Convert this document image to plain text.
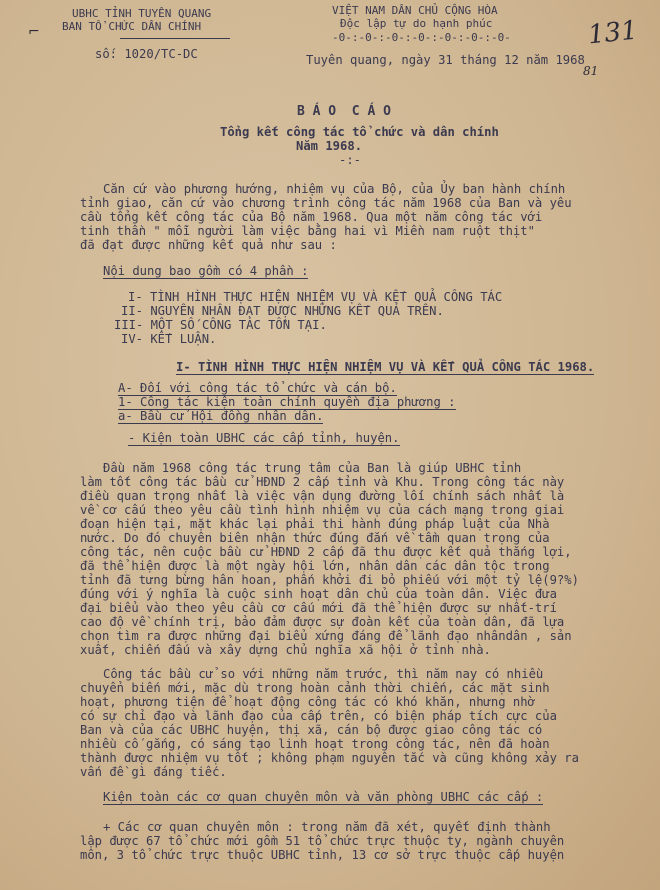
UBHC TỈNH TUYÊN QUANG
BAN TỔ CHỨC DÂN CHÍNH
số: 1020/TC-DC
VIỆT NAM DÂN CHỦ CỘNG HÒA
Độc lập tự do hạnh phúc
-0-:-0-:-0-:-0-:-0-:-0-:-0-
Tuyên quang, ngày 31 tháng 12 năm 1968
131
81
⌐
B Á O  C Á O
Tổng kết công tác tổ chức và dân chính
Năm 1968.
-:-
Căn cứ vào phương hướng, nhiệm vụ của Bộ, của Ủy ban hành chính
tỉnh giao, căn cứ vào chương trình công tác năm 1968 của Ban và yêu
cầu tổng kết công tác của Bộ năm 1968. Qua một năm công tác với
tinh thần " mỗi người làm việc bằng hai vì Miền nam ruột thịt"
đã đạt được những kết quả như sau :
Nội dung bao gồm có 4 phần :
I- TÌNH HÌNH THỰC HIỆN NHIỆM VỤ VÀ KẾT QUẢ CÔNG TÁC
II- NGUYÊN NHÂN ĐẠT ĐƯỢC NHỮNG KẾT QUẢ TRÊN.
III- MỘT SỐ CÔNG TÁC TỒN TẠI.
IV- KẾT LUẬN.
I- TÌNH HÌNH THỰC HIỆN NHIỆM VỤ VÀ KẾT QUẢ CÔNG TÁC 1968.
A- Đối với công tác tổ chức và cán bộ.
1- Công tác kiện toàn chính quyền địa phương :
a- Bầu cử Hội đồng nhân dân.
- Kiện toàn UBHC các cấp tỉnh, huyện.
Đầu năm 1968 công tác trung tâm của Ban là giúp UBHC tỉnh
làm tốt công tác bầu cử HĐND 2 cấp tỉnh và Khu. Trong công tác này
điều quan trọng nhất là việc vận dụng đường lối chính sách nhất là
về cơ cấu theo yêu cầu tình hình nhiệm vụ của cách mạng trong giai
đoạn hiện tại, mặt khác lại phải thi hành đúng pháp luật của Nhà
nước. Do đó chuyên biên nhận thức đúng đắn về tầm quan trọng của
công tác, nên cuộc bầu cử HĐND 2 cấp đã thu được kết quả thắng lợi,
đã thể hiện được là một ngày hội lớn, nhân dân các dân tộc trong
tỉnh đã tưng bừng hân hoan, phấn khởi đi bỏ phiếu với một tỷ lệ(9?%)
đúng với ý nghĩa là cuộc sinh hoạt dân chủ của toàn dân. Việc đưa
đại biểu vào theo yêu cầu cơ cấu mới đã thể hiện được sự nhất-trí
cao độ về chính trị, bảo đảm được sự đoàn kết của toàn dân, đã lựa
chọn tìm ra được những đại biểu xứng đáng để lãnh đạo nhândân , sản
xuất, chiến đấu và xây dựng chủ nghĩa xã hội ở tỉnh nhà.
Công tác bầu cử so với những năm trước, thì năm nay có nhiều
chuyển biến mới, mặc dù trong hoàn cảnh thời chiến, các mặt sinh
hoạt, phương tiện để hoạt động công tác có khó khăn, nhưng nhờ
có sự chỉ đạo và lãnh đạo của cấp trên, có biện pháp tích cực của
Ban và của các UBHC huyện, thị xã, cán bộ được giao công tác có
nhiều cố gắng, có sáng tạo linh hoạt trong công tác, nên đã hoàn
thành được nhiệm vụ tốt ; không phạm nguyên tắc và cũng không xảy ra
vấn đề gì đáng tiếc.
Kiện toàn các cơ quan chuyên môn và văn phòng UBHC các cấp :
+ Các cơ quan chuyên môn : trong năm đã xét, quyết định thành
lập được 67 tổ chức mới gồm 51 tổ chức trực thuộc ty, ngành chuyên
môn, 3 tổ chức trực thuộc UBHC tỉnh, 13 cơ sở trực thuộc cấp huyện
